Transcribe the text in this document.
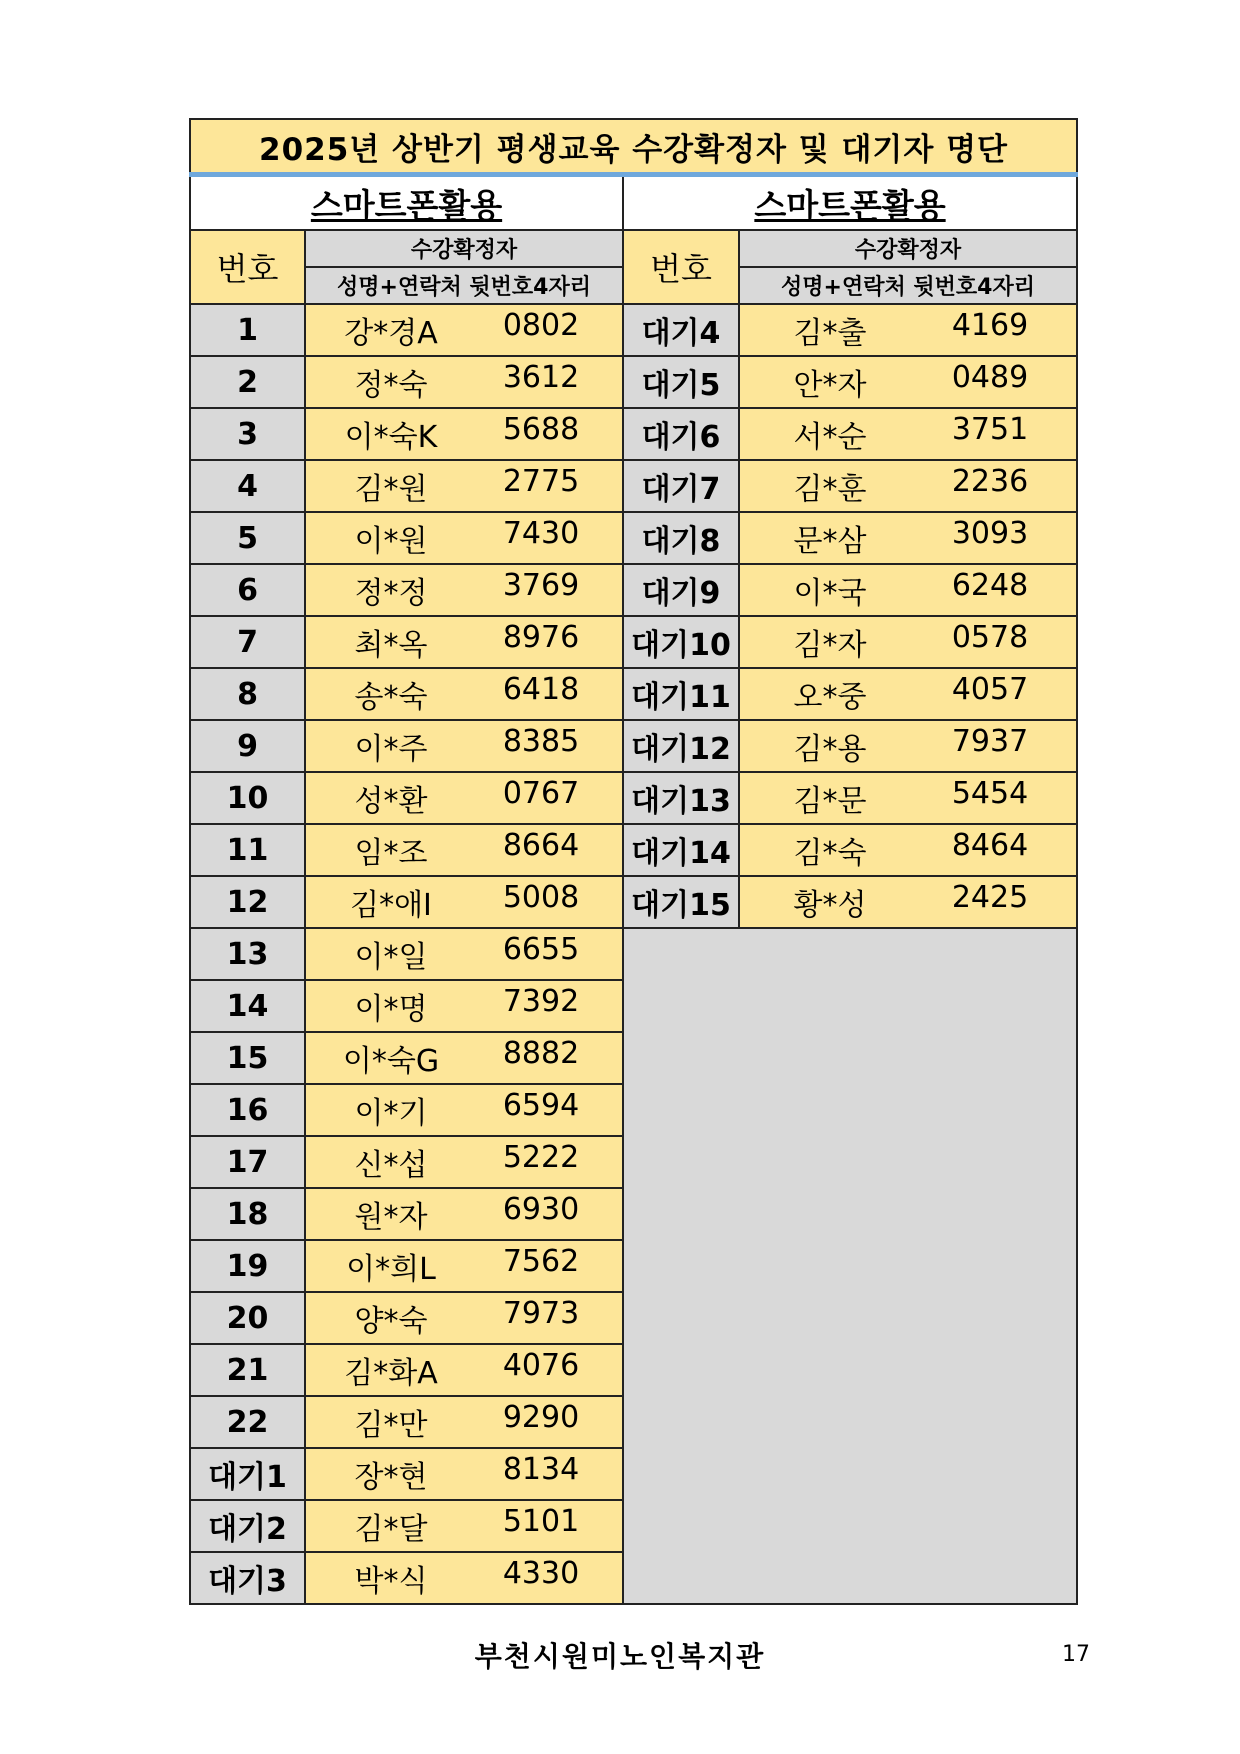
2025년 상반기 평생교육 수강확정자 및 대기자 명단			
스마트폰활용		스마트폰활용	
번호	수강확정자	번호	수강확정자
	성명+연락처 뒷번호4자리		성명+연락처 뒷번호4자리
1	강*경A 0802	대기4	김*출 4169

2	정*숙 3612	대기5	안*자 0489

3	이*숙K 5688	대기6	서*순 3751

4	김*원 2775	대기7	김*훈 2236

5	이*원 7430	대기8	문*삼 3093

6	정*정 3769	대기9	이*국 6248

7	최*옥 8976	대기10	김*자 0578

8	송*숙 6418	대기11	오*중 4057

9	이*주 8385	대기12	김*용 7937

10	성*환 0767	대기13	김*문 5454

11	임*조 8664	대기14	김*숙 8464

12	김*애I 5008	대기15	황*성 2425

13	이*일 6655		

14	이*명 7392		

15	이*숙G 8882		

16	이*기 6594		

17	신*섭 5222		

18	원*자 6930		

19	이*희L 7562		

20	양*숙 7973		

21	김*화A 4076		

22	김*만 9290		

대기1	장*현 8134		

대기2	김*달 5101		

대기3	박*식 4330		
부천시원미노인복지관	17
